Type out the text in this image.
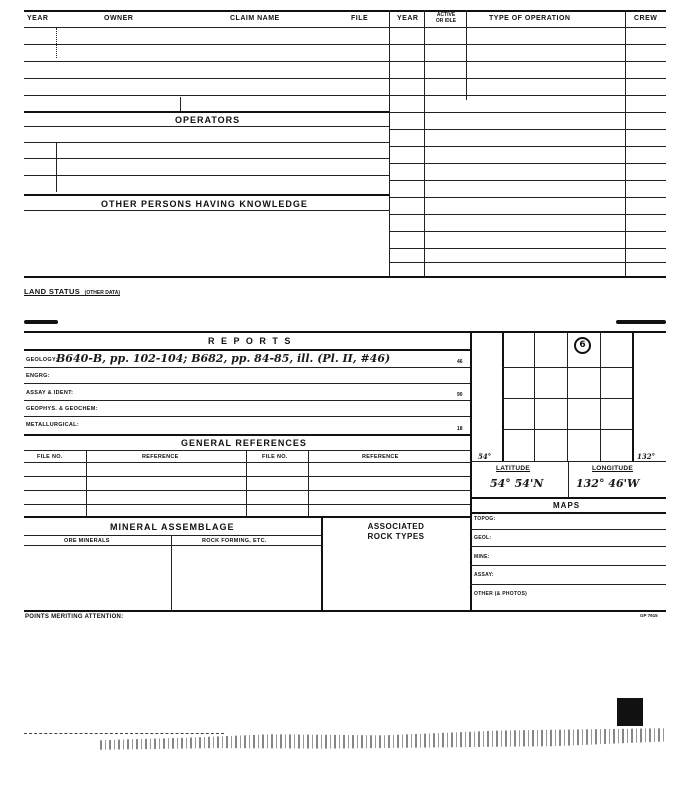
YEAR	OWNER	CLAIM NAME	FILE	YEAR	ACTIVE
OR IDLE	TYPE OF OPERATION	CREW
OPERATORS
OTHER PERSONS HAVING KNOWLEDGE
LAND STATUS (OTHER DATA)
R E P O R T S
GEOLOGY:
B640-B, pp. 102-104; B682, pp. 84-85, ill. (Pl. II, #46)	46
ENGRG:
ASSAY & IDENT:	90
GEOPHYS. & GEOCHEM:
METALLURGICAL:
18
GENERAL REFERENCES
FILE NO.	REFERENCE	FILE NO.	REFERENCE
MINERAL ASSEMBLAGE
ORE MINERALS	ROCK FORMING, ETC.
ASSOCIATED
ROCK TYPES
6
54°	132°
LATITUDE	LONGITUDE
54° 54'N	132° 46'W
MAPS
TOPOG:
GEOL:
MINE:
ASSAY:
OTHER (& PHOTOS)
POINTS MERITING ATTENTION:	GP 7915
